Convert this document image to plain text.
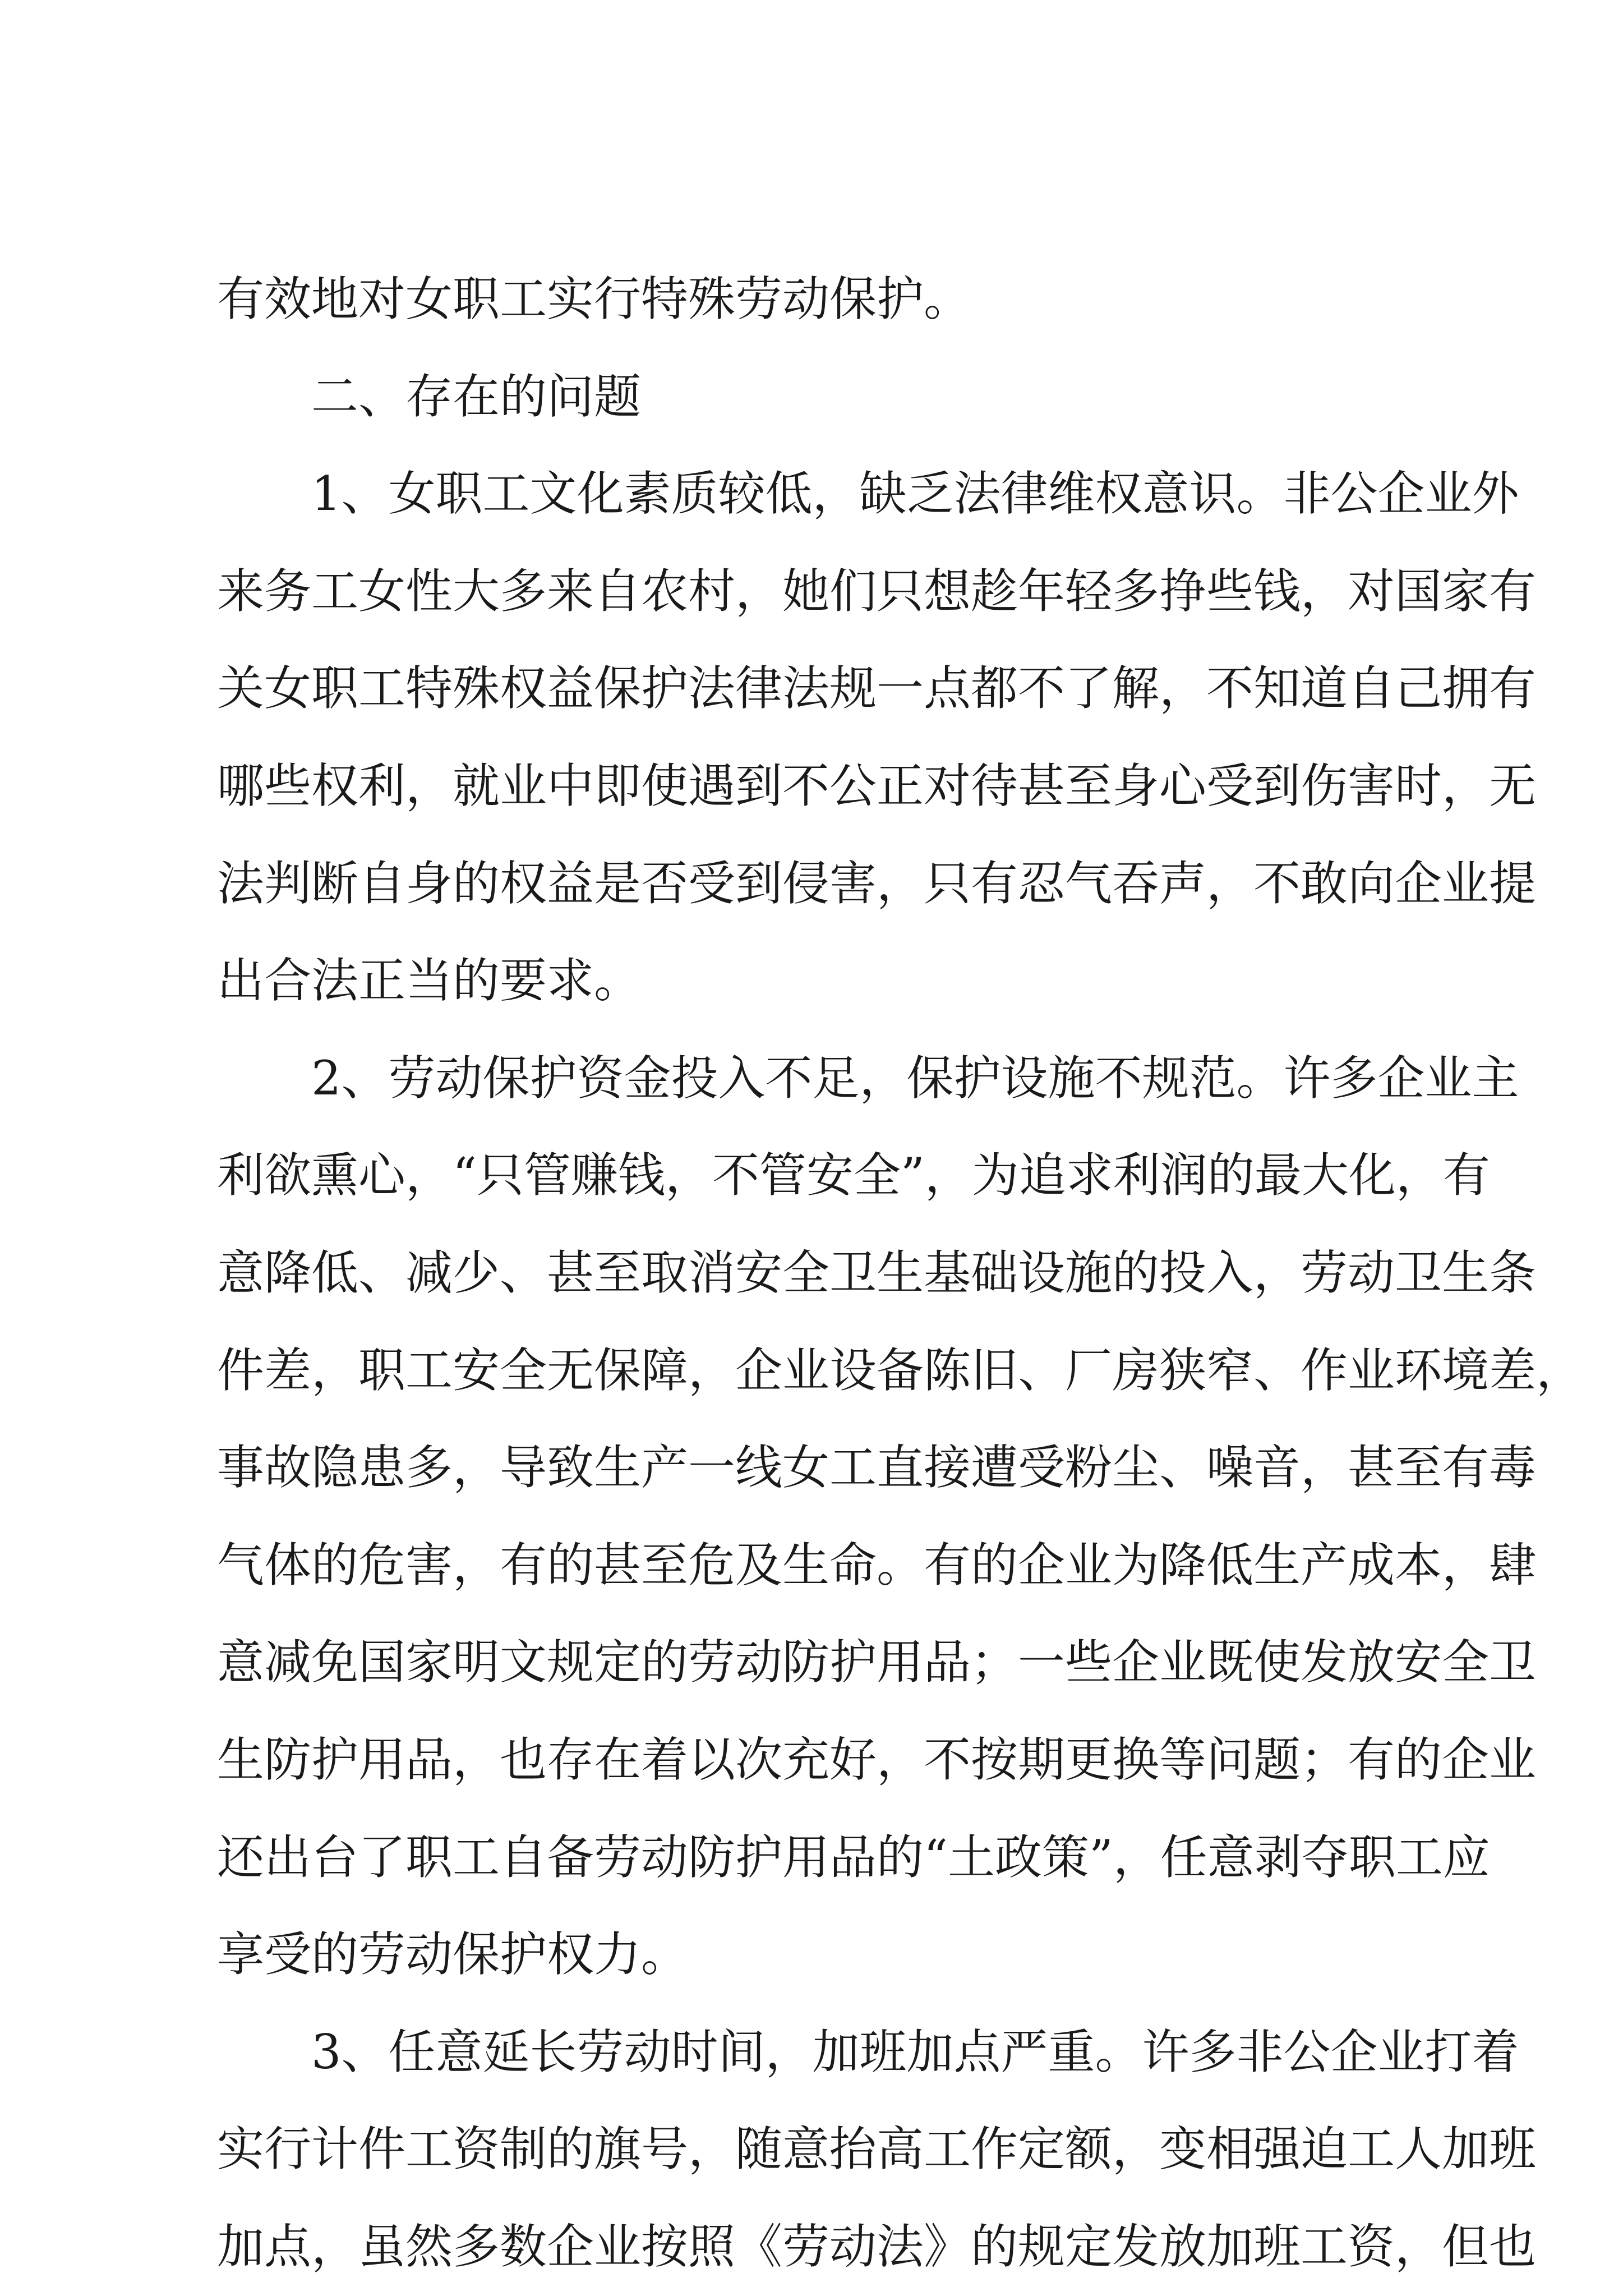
有效地对女职工实行特殊劳动保护。
二、存在的问题
1、女职工文化素质较低，缺乏法律维权意识。非公企业外
来务工女性大多来自农村，她们只想趁年轻多挣些钱，对国家有
关女职工特殊权益保护法律法规一点都不了解，不知道自己拥有
哪些权利，就业中即使遇到不公正对待甚至身心受到伤害时，无
法判断自身的权益是否受到侵害，只有忍气吞声，不敢向企业提
出合法正当的要求。
2、劳动保护资金投入不足，保护设施不规范。许多企业主
利欲熏心，“只管赚钱，不管安全”，为追求利润的最大化，有
意降低、减少、甚至取消安全卫生基础设施的投入，劳动卫生条
件差，职工安全无保障，企业设备陈旧、厂房狭窄、作业环境差，
事故隐患多，导致生产一线女工直接遭受粉尘、噪音，甚至有毒
气体的危害，有的甚至危及生命。有的企业为降低生产成本，肆
意减免国家明文规定的劳动防护用品；一些企业既使发放安全卫
生防护用品，也存在着以次充好，不按期更换等问题；有的企业
还出台了职工自备劳动防护用品的“土政策”，任意剥夺职工应
享受的劳动保护权力。
3、任意延长劳动时间，加班加点严重。许多非公企业打着
实行计件工资制的旗号，随意抬高工作定额，变相强迫工人加班
加点，虽然多数企业按照《劳动法》的规定发放加班工资，但也
